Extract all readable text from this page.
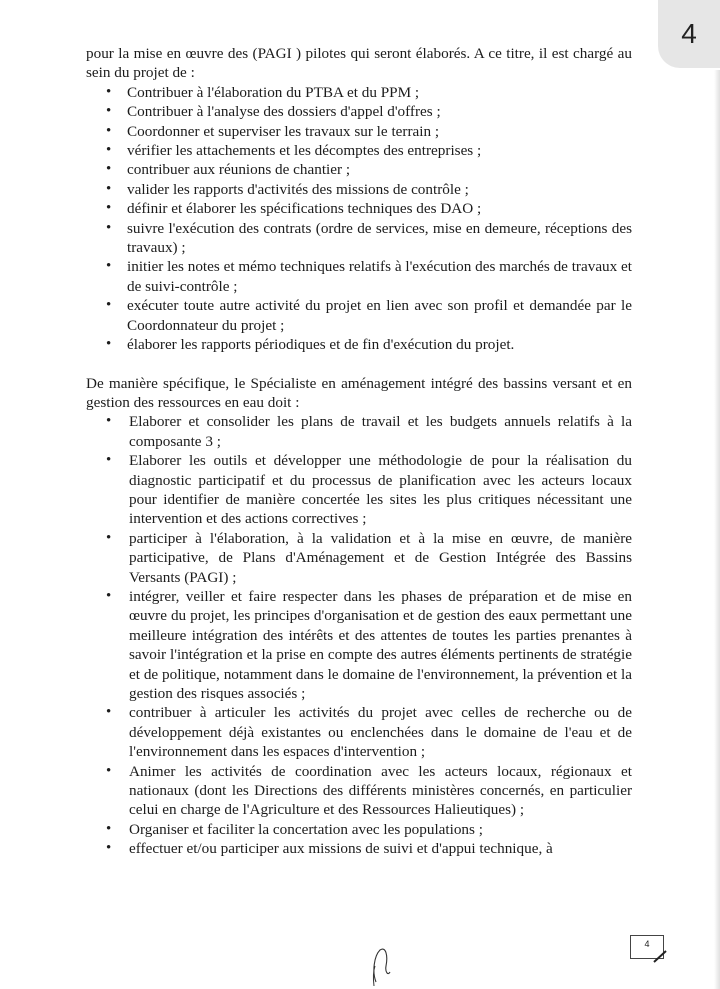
4

pour la mise en œuvre des (PAGI ) pilotes qui seront élaborés. A ce titre, il est chargé au sein du projet de :

• Contribuer à l'élaboration du PTBA et du PPM ;
• Contribuer à l'analyse des dossiers d'appel d'offres ;
• Coordonner et superviser les travaux sur le terrain ;
• vérifier les attachements et les décomptes des entreprises ;
• contribuer aux réunions de chantier ;
• valider les rapports d'activités des missions de contrôle ;
• définir et élaborer les spécifications techniques des DAO ;
• suivre l'exécution des contrats (ordre de services, mise en demeure, réceptions des travaux) ;
• initier les notes et mémo techniques relatifs à l'exécution des marchés de travaux et de suivi-contrôle ;
• exécuter toute autre activité du projet en lien avec son profil et demandée par le Coordonnateur du projet ;
• élaborer les rapports périodiques et de fin d'exécution du projet.

De manière spécifique, le Spécialiste en aménagement intégré des bassins versant et en gestion des ressources en eau doit :

• Elaborer et consolider les plans de travail et les budgets annuels relatifs à la composante 3 ;
• Elaborer les outils et développer une méthodologie de pour la réalisation du diagnostic participatif et du processus de planification avec les acteurs locaux pour identifier de manière concertée les sites les plus critiques nécessitant une intervention et des actions correctives ;
• participer à l'élaboration, à la validation et à la mise en œuvre, de manière participative, de Plans d'Aménagement et de Gestion Intégrée des Bassins Versants (PAGI) ;
• intégrer, veiller et faire respecter dans les phases de préparation et de mise en œuvre du projet, les principes d'organisation et de gestion des eaux permettant une meilleure intégration des intérêts et des attentes de toutes les parties prenantes à savoir l'intégration et la prise en compte des autres éléments pertinents de stratégie et de politique, notamment dans le domaine de l'environnement, la prévention et la gestion des risques associés ;
• contribuer à articuler les activités du projet avec celles de recherche ou de développement déjà existantes ou enclenchées dans le domaine de l'eau et de l'environnement dans les espaces d'intervention ;
• Animer les activités de coordination avec les acteurs locaux, régionaux et nationaux (dont les Directions des différents ministères concernés, en particulier celui en charge de l'Agriculture et des Ressources Halieutiques) ;
• Organiser et faciliter la concertation avec les populations ;
• effectuer et/ou participer aux missions de suivi et d'appui technique, à
4
